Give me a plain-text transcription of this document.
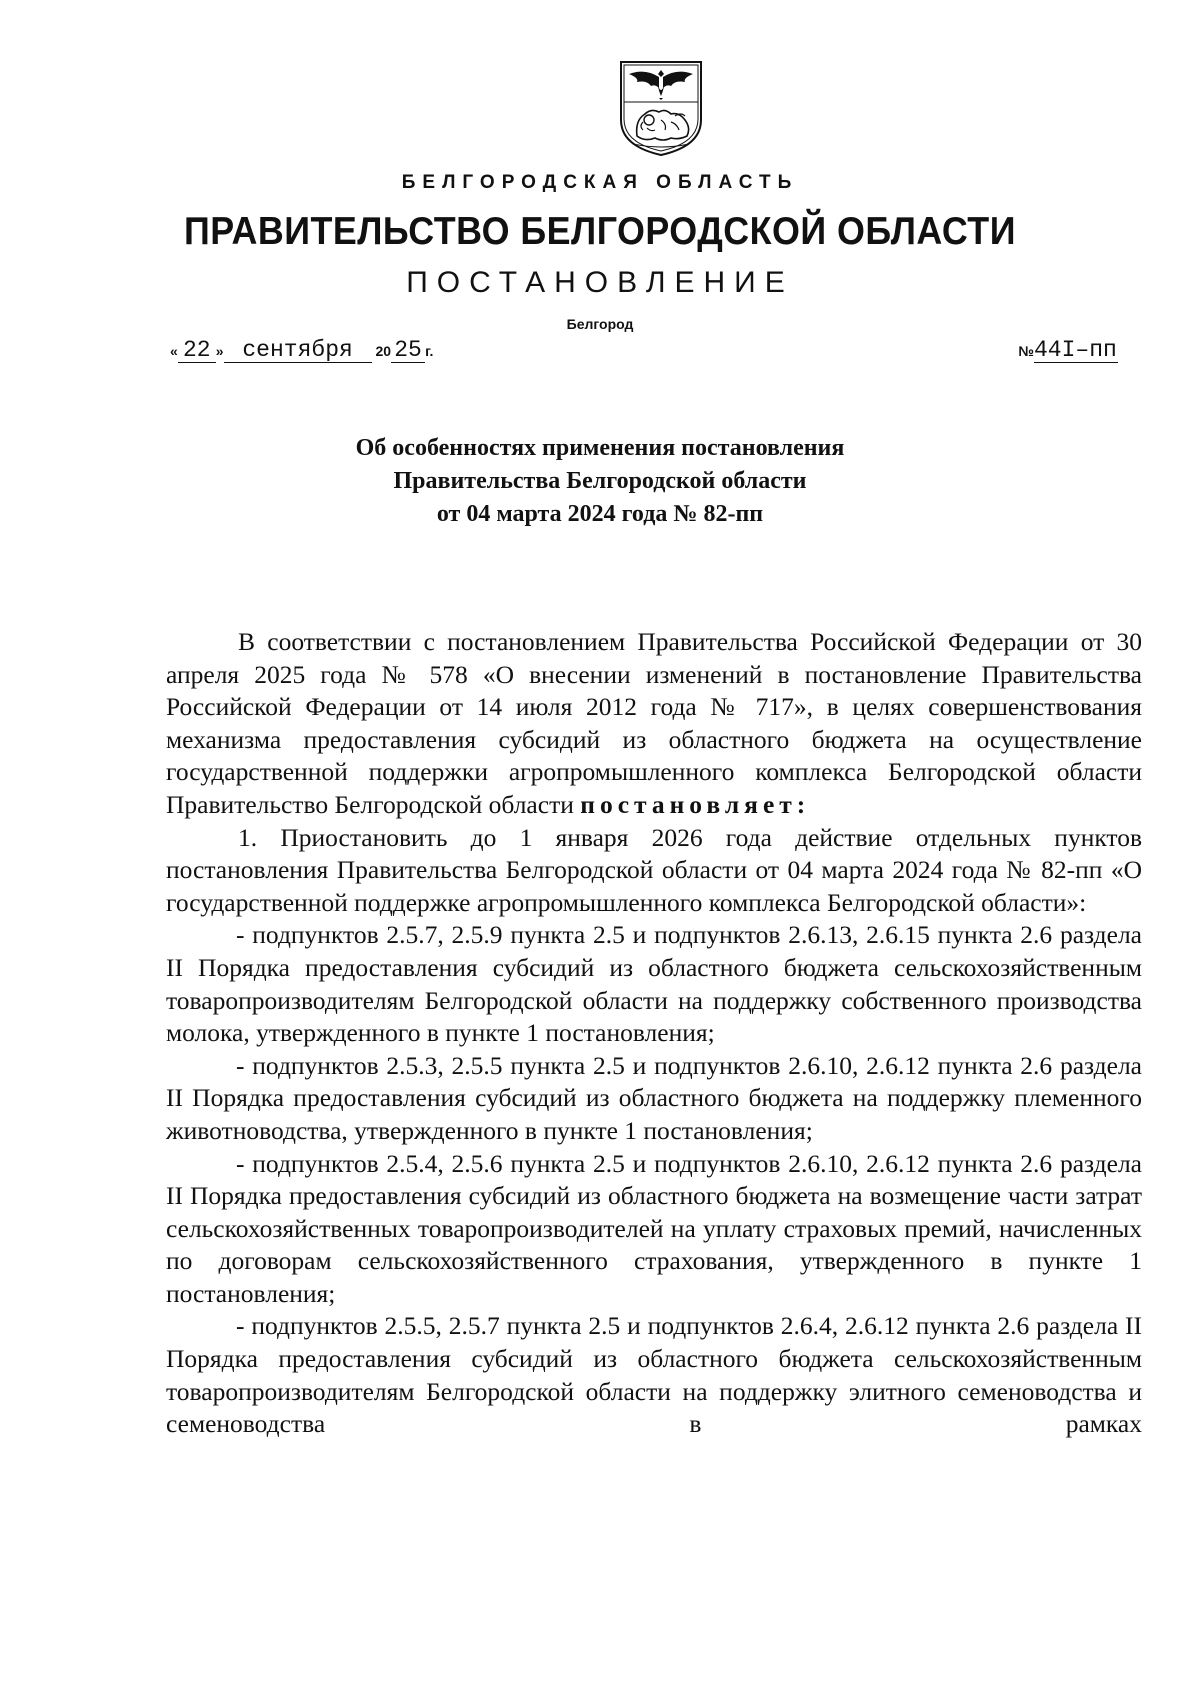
БЕЛГОРОДСКАЯ ОБЛАСТЬ
ПРАВИТЕЛЬСТВО БЕЛГОРОДСКОЙ ОБЛАСТИ
ПОСТАНОВЛЕНИЕ
Белгород
« 22 » сентября 20 25 г.	№44I–пп
Об особенностях применения постановления
Правительства Белгородской области
от 04 марта 2024 года № 82-пп

В соответствии с постановлением Правительства Российской Федерации от 30 апреля 2025 года № 578 «О внесении изменений в постановление Правительства Российской Федерации от 14 июля 2012 года № 717», в целях совершенствования механизма предоставления субсидий из областного бюджета на осуществление государственной поддержки агропромышленного комплекса Белгородской области Правительство Белгородской области постановляет:

1. Приостановить до 1 января 2026 года действие отдельных пунктов постановления Правительства Белгородской области от 04 марта 2024 года № 82-пп «О государственной поддержке агропромышленного комплекса Белгородской области»:

- подпунктов 2.5.7, 2.5.9 пункта 2.5 и подпунктов 2.6.13, 2.6.15 пункта 2.6 раздела II Порядка предоставления субсидий из областного бюджета сельскохозяйственным товаропроизводителям Белгородской области на поддержку собственного производства молока, утвержденного в пункте 1 постановления;

- подпунктов 2.5.3, 2.5.5 пункта 2.5 и подпунктов 2.6.10, 2.6.12 пункта 2.6 раздела II Порядка предоставления субсидий из областного бюджета на поддержку племенного животноводства, утвержденного в пункте 1 постановления;

- подпунктов 2.5.4, 2.5.6 пункта 2.5 и подпунктов 2.6.10, 2.6.12 пункта 2.6 раздела II Порядка предоставления субсидий из областного бюджета на возмещение части затрат сельскохозяйственных товаропроизводителей на уплату страховых премий, начисленных по договорам сельскохозяйственного страхования, утвержденного в пункте 1 постановления;

- подпунктов 2.5.5, 2.5.7 пункта 2.5 и подпунктов 2.6.4, 2.6.12 пункта 2.6 раздела II Порядка предоставления субсидий из областного бюджета сельскохозяйственным товаропроизводителям Белгородской области на поддержку элитного семеноводства и семеноводства в рамках
